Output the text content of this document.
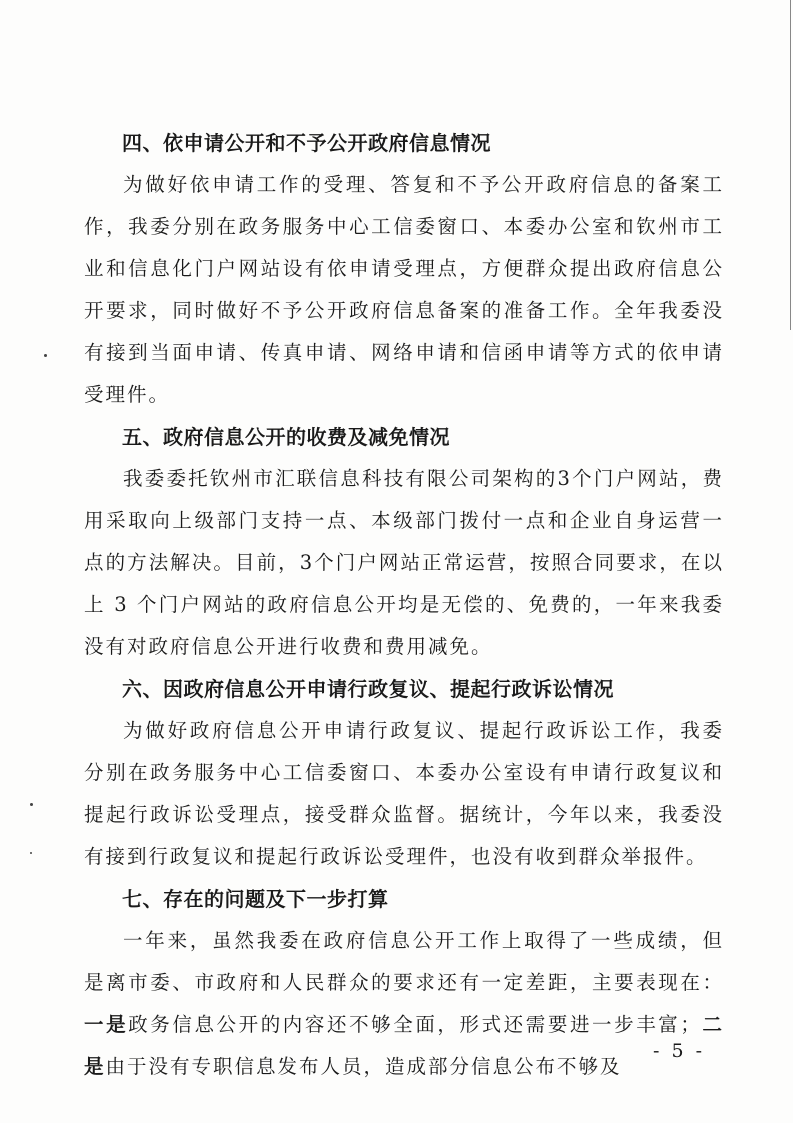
四、依申请公开和不予公开政府信息情况

为做好依申请工作的受理、答复和不予公开政府信息的备案工作，我委分别在政务服务中心工信委窗口、本委办公室和钦州市工业和信息化门户网站设有依申请受理点，方便群众提出政府信息公开要求，同时做好不予公开政府信息备案的准备工作。全年我委没有接到当面申请、传真申请、网络申请和信函申请等方式的依申请受理件。

五、政府信息公开的收费及减免情况

我委委托钦州市汇联信息科技有限公司架构的3个门户网站，费用采取向上级部门支持一点、本级部门拨付一点和企业自身运营一点的方法解决。目前，3个门户网站正常运营，按照合同要求，在以上 3 个门户网站的政府信息公开均是无偿的、免费的，一年来我委没有对政府信息公开进行收费和费用减免。

六、因政府信息公开申请行政复议、提起行政诉讼情况

为做好政府信息公开申请行政复议、提起行政诉讼工作，我委分别在政务服务中心工信委窗口、本委办公室设有申请行政复议和提起行政诉讼受理点，接受群众监督。据统计，今年以来，我委没有接到行政复议和提起行政诉讼受理件，也没有收到群众举报件。

七、存在的问题及下一步打算

一年来，虽然我委在政府信息公开工作上取得了一些成绩，但是离市委、市政府和人民群众的要求还有一定差距，主要表现在：一是政务信息公开的内容还不够全面，形式还需要进一步丰富；二是由于没有专职信息发布人员，造成部分信息公布不够及

- 5 -
